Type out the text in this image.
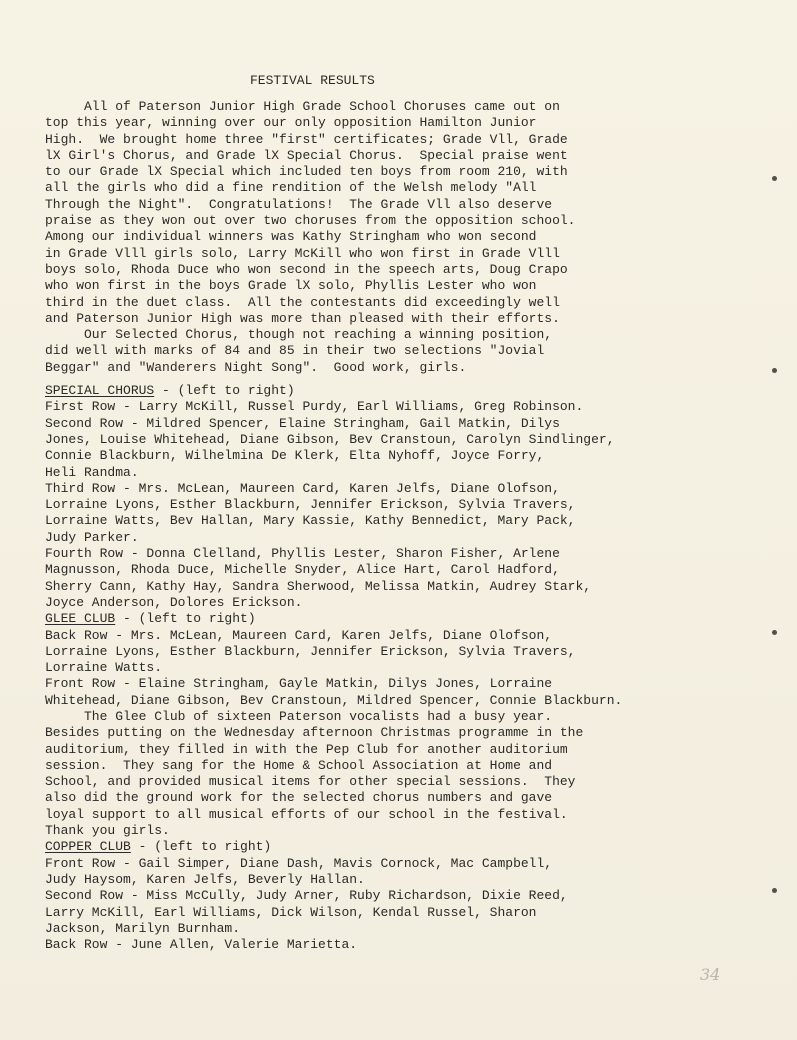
FESTIVAL RESULTS
All of Paterson Junior High Grade School Choruses came out on
top this year, winning over our only opposition Hamilton Junior
High.  We brought home three "first" certificates; Grade Vll, Grade
lX Girl's Chorus, and Grade lX Special Chorus.  Special praise went
to our Grade lX Special which included ten boys from room 210, with
all the girls who did a fine rendition of the Welsh melody "All
Through the Night".  Congratulations!  The Grade Vll also deserve
praise as they won out over two choruses from the opposition school.
Among our individual winners was Kathy Stringham who won second
in Grade Vlll girls solo, Larry McKill who won first in Grade Vlll
boys solo, Rhoda Duce who won second in the speech arts, Doug Crapo
who won first in the boys Grade lX solo, Phyllis Lester who won
third in the duet class.  All the contestants did exceedingly well
and Paterson Junior High was more than pleased with their efforts.
Our Selected Chorus, though not reaching a winning position,
did well with marks of 84 and 85 in their two selections "Jovial
Beggar" and "Wanderers Night Song".  Good work, girls.
SPECIAL CHORUS - (left to right)
First Row - Larry McKill, Russel Purdy, Earl Williams, Greg Robinson.
Second Row - Mildred Spencer, Elaine Stringham, Gail Matkin, Dilys
Jones, Louise Whitehead, Diane Gibson, Bev Cranstoun, Carolyn Sindlinger,
Connie Blackburn, Wilhelmina De Klerk, Elta Nyhoff, Joyce Forry,
Heli Randma.
Third Row - Mrs. McLean, Maureen Card, Karen Jelfs, Diane Olofson,
Lorraine Lyons, Esther Blackburn, Jennifer Erickson, Sylvia Travers,
Lorraine Watts, Bev Hallan, Mary Kassie, Kathy Bennedict, Mary Pack,
Judy Parker.
Fourth Row - Donna Clelland, Phyllis Lester, Sharon Fisher, Arlene
Magnusson, Rhoda Duce, Michelle Snyder, Alice Hart, Carol Hadford,
Sherry Cann, Kathy Hay, Sandra Sherwood, Melissa Matkin, Audrey Stark,
Joyce Anderson, Dolores Erickson.
GLEE CLUB - (left to right)
Back Row - Mrs. McLean, Maureen Card, Karen Jelfs, Diane Olofson,
Lorraine Lyons, Esther Blackburn, Jennifer Erickson, Sylvia Travers,
Lorraine Watts.
Front Row - Elaine Stringham, Gayle Matkin, Dilys Jones, Lorraine
Whitehead, Diane Gibson, Bev Cranstoun, Mildred Spencer, Connie Blackburn.
The Glee Club of sixteen Paterson vocalists had a busy year.
Besides putting on the Wednesday afternoon Christmas programme in the
auditorium, they filled in with the Pep Club for another auditorium
session.  They sang for the Home & School Association at Home and
School, and provided musical items for other special sessions.  They
also did the ground work for the selected chorus numbers and gave
loyal support to all musical efforts of our school in the festival.
Thank you girls.
COPPER CLUB - (left to right)
Front Row - Gail Simper, Diane Dash, Mavis Cornock, Mac Campbell,
Judy Haysom, Karen Jelfs, Beverly Hallan.
Second Row - Miss McCully, Judy Arner, Ruby Richardson, Dixie Reed,
Larry McKill, Earl Williams, Dick Wilson, Kendal Russel, Sharon
Jackson, Marilyn Burnham.
Back Row - June Allen, Valerie Marietta.
34
